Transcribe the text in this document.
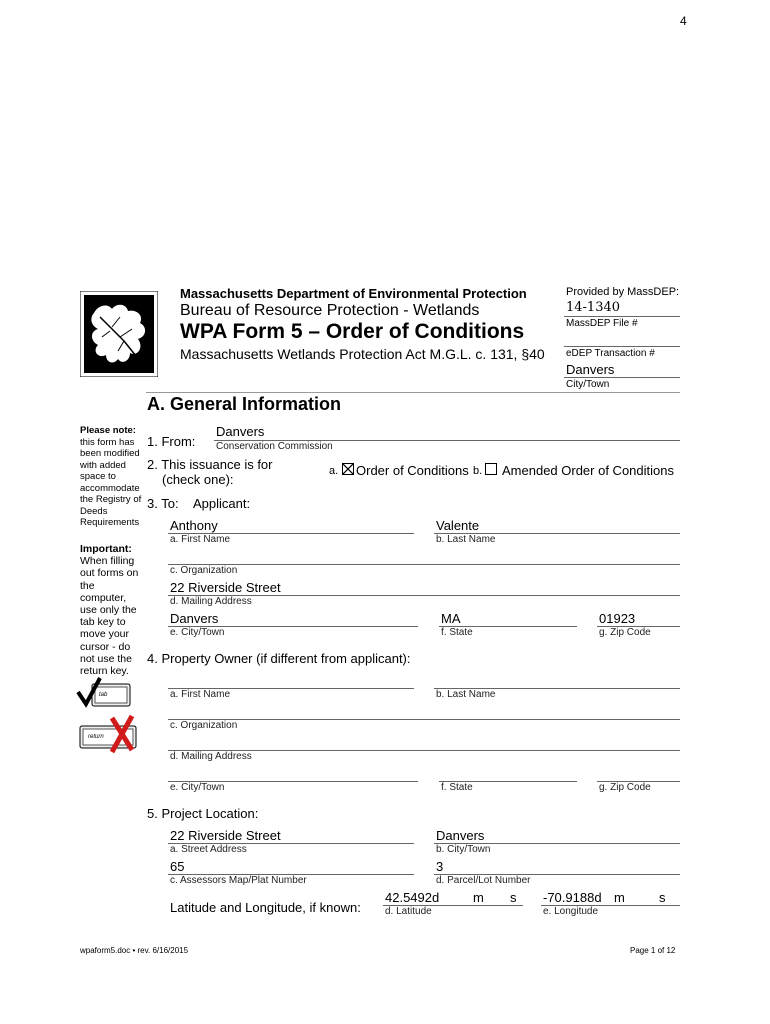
4
Massachusetts Department of Environmental Protection
Bureau of Resource Protection - Wetlands
WPA Form 5 – Order of Conditions
Massachusetts Wetlands Protection Act M.G.L. c. 131, §40
Provided by MassDEP:
14-1340
MassDEP File #
eDEP Transaction #
Danvers
City/Town
A. General Information
Please note:
this form has been modified with added space to accommodate the Registry of Deeds Requirements
Important:
When filling out forms on the computer, use only the tab key to move your cursor - do not use the return key.
tab
return
1. From:
Danvers
Conservation Commission
2. This issuance is for
(check one):
a. Order of Conditions b. Amended Order of Conditions
3. To: Applicant:
Anthony
a. First Name
Valente
b. Last Name
c. Organization
22 Riverside Street
d. Mailing Address
Danvers
e. City/Town
MA
f. State
01923
g. Zip Code
4. Property Owner (if different from applicant):
a. First Name	b. Last Name
c. Organization
d. Mailing Address
e. City/Town	f. State	g. Zip Code
5. Project Location:
22 Riverside Street
a. Street Address
Danvers
b. City/Town
65
c. Assessors Map/Plat Number
3
d. Parcel/Lot Number
Latitude and Longitude, if known:
42.5492d	m s
d. Latitude
-70.9188d m	s
e. Longitude
wpaform5.doc • rev. 6/16/2015	Page 1 of 12
